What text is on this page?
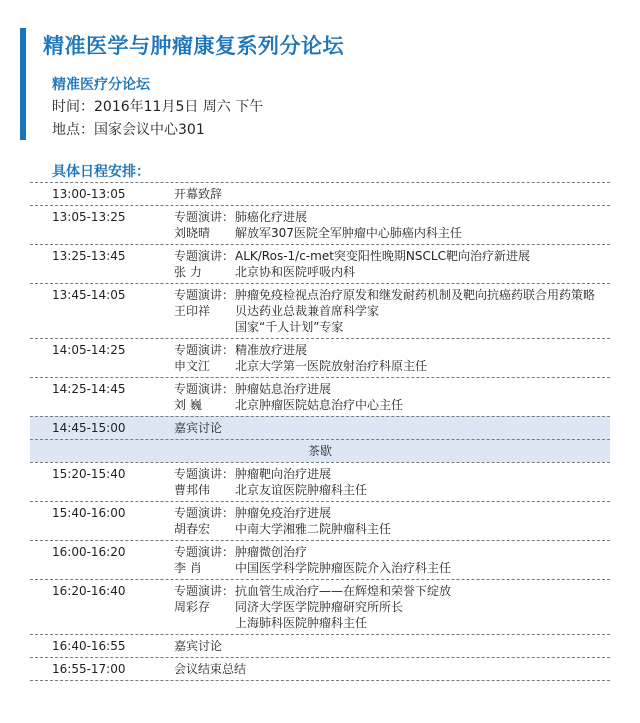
精准医学与肿瘤康复系列分论坛
精准医疗分论坛
时间：2016年11月5日 周六 下午
地点：国家会议中心301
具体日程安排：
13:00-13:05	开幕致辞
13:05-13:25	专题演讲： 肺癌化疗进展
刘晓晴 解放军307医院全军肿瘤中心肺癌内科主任
13:25-13:45	专题演讲： ALK/Ros-1/c-met突变阳性晚期NSCLC靶向治疗新进展
张 力	北京协和医院呼吸内科
13:45-14:05	专题演讲： 肿瘤免疫检视点治疗原发和继发耐药机制及靶向抗癌药联合用药策略
王印祥 贝达药业总裁兼首席科学家
国家“千人计划”专家
14:05-14:25	专题演讲： 精准放疗进展
申文江 北京大学第一医院放射治疗科原主任
14:25-14:45	专题演讲： 肿瘤姑息治疗进展
刘 巍	北京肿瘤医院姑息治疗中心主任
14:45-15:00	嘉宾讨论
茶歇
15:20-15:40	专题演讲： 肿瘤靶向治疗进展
曹邦伟 北京友谊医院肿瘤科主任
15:40-16:00	专题演讲： 肿瘤免疫治疗进展
胡春宏 中南大学湘雅二院肿瘤科主任
16:00-16:20	专题演讲： 肿瘤微创治疗
李 肖	中国医学科学院肿瘤医院介入治疗科主任
16:20-16:40	专题演讲： 抗血管生成治疗——在辉煌和荣誉下绽放
周彩存 同济大学医学院肿瘤研究所所长
上海肺科医院肿瘤科主任
16:40-16:55	嘉宾讨论
16:55-17:00	会议结束总结
